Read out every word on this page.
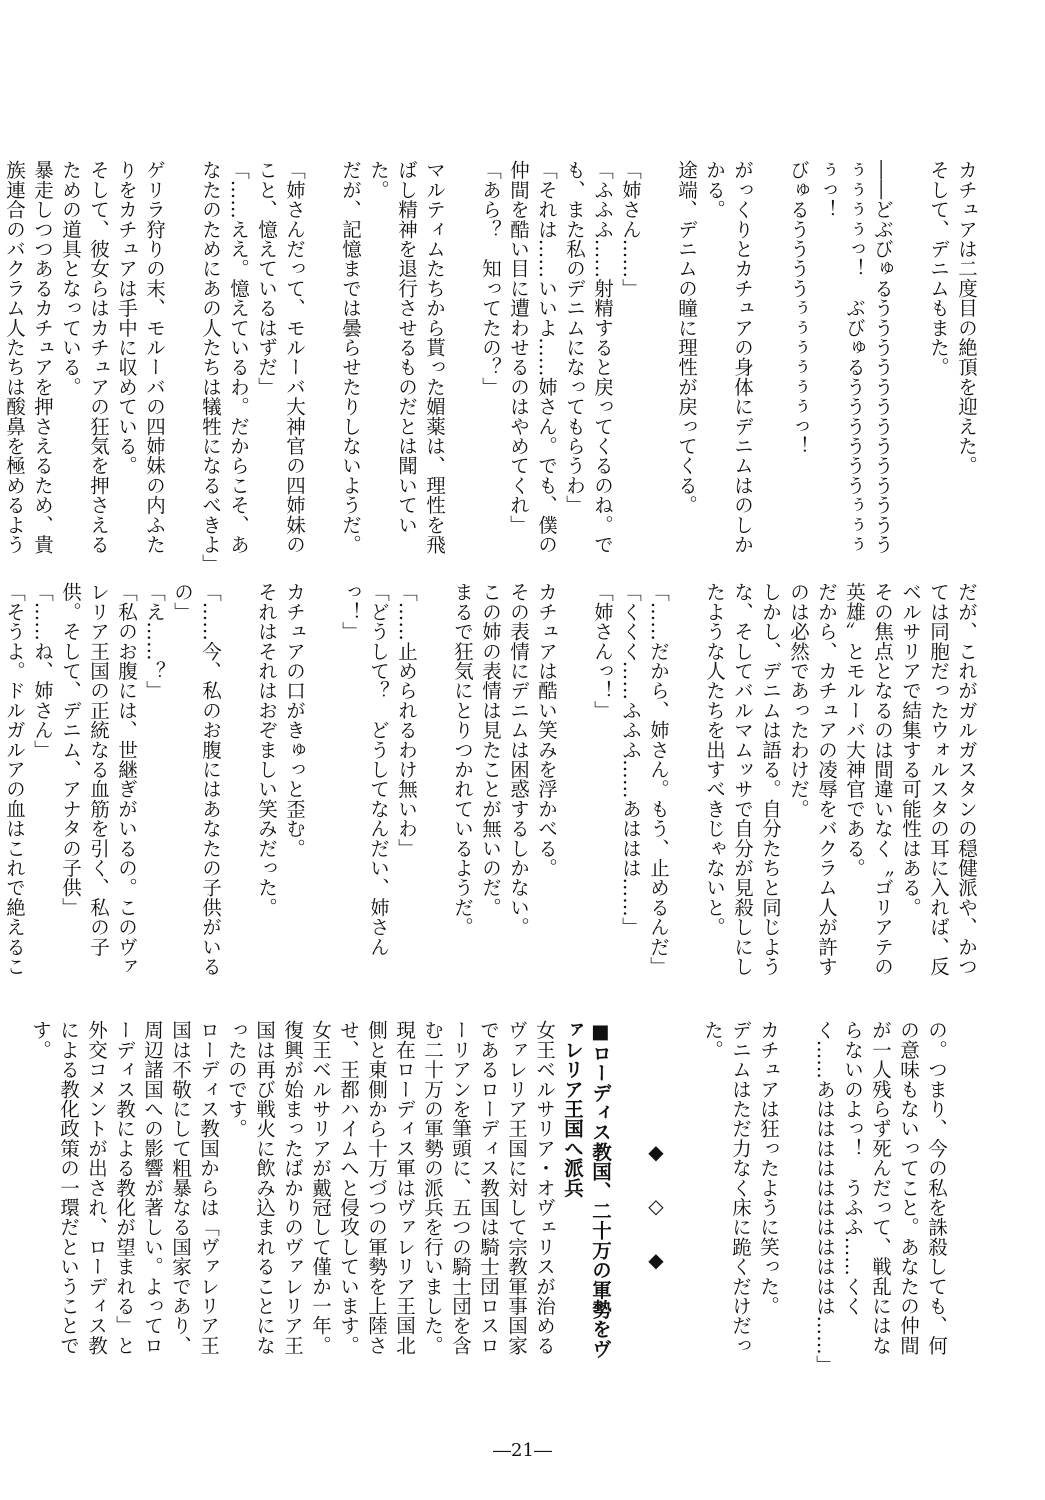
カチュアは二度目の絶頂を迎えた。

そして、デニムもまた。

――どぶびゅるうううううううううううううぅぅぅぅっ！　ぶびゅるううううううぅぅぅぅっ！

びゅるううううぅぅぅぅぅぅっ！

がっくりとカチュアの身体にデニムはのしかかる。

途端、デニムの瞳に理性が戻ってくる。

「姉さん……」

「ふふふ……射精すると戻ってくるのね。でも、また私のデニムになってもらうわ」

「それは……いいよ……姉さん。でも、僕の仲間を酷い目に遭わせるのはやめてくれ」

「あら？　知ってたの？」

マルティムたちから貰った媚薬は、理性を飛ばし精神を退行させるものだとは聞いていた。

だが、記憶までは曇らせたりしないようだ。

「姉さんだって、モルーバ大神官の四姉妹のこと、憶えているはずだ」

「……ええ。憶えているわ。だからこそ、あなたのためにあの人たちは犠牲になるべきよ」

ゲリラ狩りの末、モルーバの四姉妹の内ふたりをカチュアは手中に収めている。

そして、彼女らはカチュアの狂気を押さえるための道具となっている。

暴走しつつあるカチュアを押さえるため、貴族連合のバクラム人たちは酸鼻を極めるよう

だが、これがガルガスタンの穏健派や、かつては同胞だったウォルスタの耳に入れば、反ベルサリアで結集する可能性はある。

その焦点となるのは間違いなく〝ゴリアテの英雄〟とモルーバ大神官である。

だから、カチュアの凌辱をバクラム人が許すのは必然であったわけだ。

しかし、デニムは語る。自分たちと同じような、そしてバルマムッサで自分が見殺しにしたような人たちを出すべきじゃないと。

「……だから、姉さん。もう、止めるんだ」

「くくく……ふふふ……あははは……」

「姉さんっ！」

カチュアは酷い笑みを浮かべる。

その表情にデニムは困惑するしかない。

この姉の表情は見たことが無いのだ。

まるで狂気にとりつかれているようだ。

「……止められるわけ無いわ」

「どうして？　どうしてなんだい、姉さんっ！」

カチュアの口がきゅっと歪む。

それはそれはおぞましい笑みだった。

「……今、私のお腹にはあなたの子供がいるの」

「え……？」

「私のお腹には、世継ぎがいるの。このヴァレリア王国の正統なる血筋を引く、私の子供。そして、デニム、アナタの子供」

「……ね、姉さん」

「そうよ。ドルガルアの血はこれで絶えるこ

の。つまり、今の私を誅殺しても、何の意味もないってこと。あなたの仲間が一人残らず死んだって、戦乱にはならないのよっ！　うふふ……くくく……あははははははははははは……」

カチュアは狂ったように笑った。

デニムはただ力なく床に跪くだけだった。

◆◇◆

■ローディス教国、二十万の軍勢をヴァレリア王国へ派兵

女王ベルサリア・オヴェリスが治めるヴァレリア王国に対して宗教軍事国家であるローディス教国は騎士団ロスローリアンを筆頭に、五つの騎士団を含む二十万の軍勢の派兵を行いました。

現在ローディス軍はヴァレリア王国北側と東側から十万づつの軍勢を上陸させ、王都ハイムへと侵攻しています。

女王ベルサリアが戴冠して僅か一年。復興が始まったばかりのヴァレリア王国は再び戦火に飲み込まれることになったのです。

ローディス教国からは「ヴァレリア王国は不敬にして粗暴なる国家であり、周辺諸国への影響が著しい。よってローディス教による教化が望まれる」と外交コメントが出され、ローディス教による教化政策の一環だということです。

―21―
